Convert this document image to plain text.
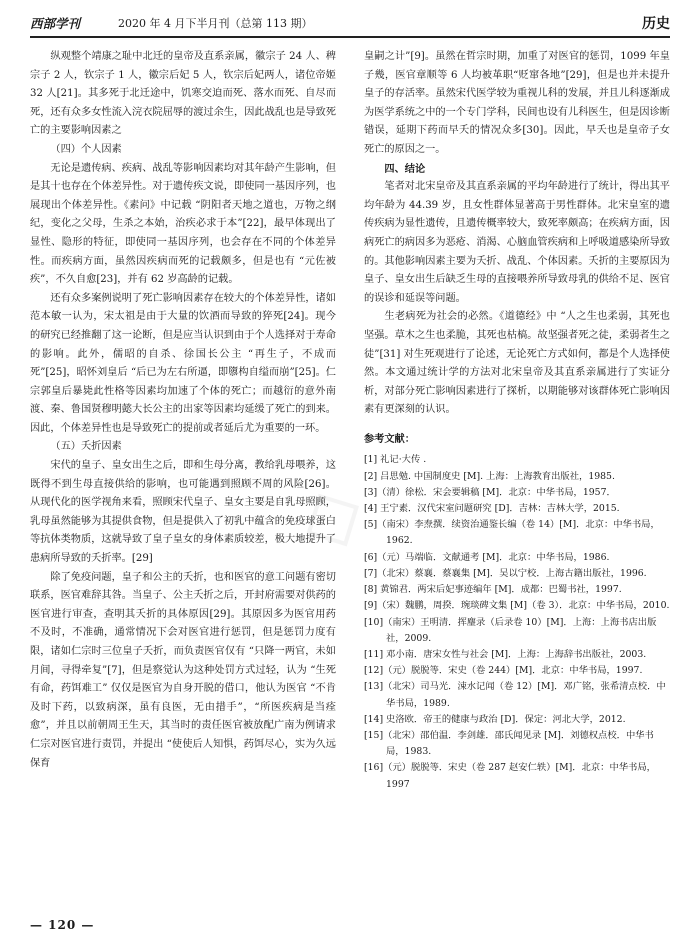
西部学刊	2020 年 4 月下半月刊（总第 113 期）	历史
◇

纵观整个靖康之耻中北迁的皇帝及直系亲属，徽宗子 24 人、稗宗子 2 人，钦宗子 1 人，徽宗后妃 5 人，钦宗后妃两人，诸位帝姬 32 人[21]。其多死于北迁途中，饥寒交迫而死、落水而死、自尽而死，还有众多女性流入浣衣院屈辱的渡过余生，因此战乱也是导致死亡的主要影响因素之

（四）个人因素

无论是遗传病、疾病、战乱等影响因素均对其年龄产生影响，但是其十也存在个体差异性。对于遗传疾文说，即使同一基因序列，也展现出个体差异性。《素问》中记载 “阴阳者天地之道也，万物之纲纪，变化之父母，生杀之本始，治疾必求于本”[22]，最早体现出了显性、隐形的特征，即使同一基因序列，也会存在不同的个体差异性。而疾病方面，虽然因疾病而死的记载颇多，但是也有 “元佐被疾”，不久自愈[23]，并有 62 岁高龄的记载。

还有众多案例说明了死亡影响因素存在较大的个体差异性，诸如范本敏一认为，宋太祖是由于大量的饮酒而导致的猝死[24]。现今的研究已经推翻了这一论断，但是应当认识到由于个人选择对于寿命的影响。此外，儒昭的自杀、徐国长公主 “再生子，不成而死”[25]，昭怀刘皇后 “后已为左右所逼，即隳构自缢而崩”[25]。仁宗郭皇后暴毙此性格等因素均加速了个体的死亡；而越衍的意外南渡、秦、鲁国贤穆明懿大长公主的出家等因素均延缓了死亡的到来。因此，个体差异性也是导致死亡的提前或者延后尤为重要的一环。

（五）夭折因素

宋代的皇子、皇女出生之后，即和生母分离，教给乳母喂养，这既得不到生母直接供给的影响，也可能遇到照顾不周的风险[26]。从现代化的医学视角来看，照顾宋代皇子、皇女主要是自乳母照顾，乳母虽然能够为其提供食物，但是提供入了初乳中蕴含的免疫球蛋白等抗体类物质，这就导致了皇子皇女的身体素质较差，极大地提升了患病所导致的夭折率。[29]

除了免疫问题，皇子和公主的夭折，也和医官的意工问题有密切联系，医官难辞其咎。当皇子、公主夭折之后，开封府需要对供药的医官进行审查，查明其夭折的具体原因[29]。其原因多为医官用药不及时，不准确，通常情况下会对医官进行惩罚，但是惩罚力度有限，诸如仁宗时三位皇子夭折，而负责医官仅有 “只降一两官，未如月间，寻得牵复”[7]，但是察觉认为这种处罚方式过轻，认为 “生死有命，药饵难工” 仅仅是医官为自身开脱的借口，他认为医官 “不肯及时下药，以致病深，虽有良医，无由措手”，“所医疾病是当痊愈”，并且以前朝周王生天，其当时的责任医官被放配广南为例请求仁宗对医官进行责罚，并提出 “使使后人知惧，药饵尽心，实为久远保育

皇嗣之计”[9]。虽然在哲宗时期，加重了对医官的惩罚，1099 年皇子幾，医官章顺等 6 人均被革职“贬窜各地”[29]，但是也并未提升皇子的存活率。虽然宋代医学较为重视儿科的发展，并且儿科逐渐成为医学系统之中的一个专门学科，民间也设有儿科医生，但是因诊断错误，延期下药而早夭的情况众多[30]。因此，早夭也是皇帝子女死亡的原因之一。

四、结论

笔者对北宋皇帝及其直系亲属的平均年龄进行了统计，得出其平均年龄为 44.39 岁，且女性群体显著高于男性群体。北宋皇室的遗传疾病为显性遗传，且遗传概率较大，致死率颇高；在疾病方面，因病死亡的病因多为恶疮、消渴、心脑血管疾病和上呼吸道感染所导致的。其他影响因素主要为夭折、战乱、个体因素。夭折的主要原因为皇子、皇女出生后缺乏生母的直接喂养所导致母乳的供给不足、医官的误诊和延误等问题。

生老病死为社会的必然。《道德经》中 “人之生也柔弱，其死也坚强。草木之生也柔脆，其死也枯槁。故坚强者死之徒，柔弱者生之徒”[31] 对生死观进行了论述，无论死亡方式如何，都是个人选择使然。本文通过统计学的方法对北宋皇帝及其直系亲属进行了实证分析，对部分死亡影响因素进行了探析，以期能够对该群体死亡影响因素有更深刻的认识。

参考文献：
[1] 礼记·大传 .
[2] 吕思勉. 中国制度史 [M]. 上海：上海教育出版社，1985.
[3]（清）徐松．宋会要辑稿 [M]．北京：中华书局，1957．
[4] 王宁素．汉代宋室问题研究 [D]．吉林：吉林大学，2015.
[5]（南宋）李焘撰．续资治通鉴长编（卷 14）[M]．北京：中华书局，1962.
[6]（元）马端临．文献通考 [M]．北京：中华书局，1986.
[7]（北宋）蔡襄．蔡襄集 [M]．吴以宁校．上海古籍出版社，1996.
[8] 黄锦君．两宋后妃事迹编年 [M]．成都：巴蜀书社，1997.
[9]（宋）魏鹏，周揆．琬琰碑文集 [M]（卷 3）．北京：中华书局，2010.
[10]（南宋）王明清．挥麈录（后录卷 10）[M]．上海：上海书店出版社，2009.
[11] 邓小南．唐宋女性与社会 [M]．上海：上海辞书出版社，2003.
[12]（元）脱脱等．宋史（卷 244）[M]．北京：中华书局，1997.
[13]（北宋）司马光．涑水记闻（卷 12）[M]．邓广铭，张希清点校．中华书局，1989.
[14] 史洛欧．帝王的健康与政治 [D]．保定：河北大学，2012.
[15]（北宋）邵伯温．李剑雄．邵氏闻见录 [M]．刘德权点校．中华书局，1983.
[16]（元）脱脱等．宋史（卷 287 赵安仁轶）[M]．北京：中华书局，1997
— 120 —
